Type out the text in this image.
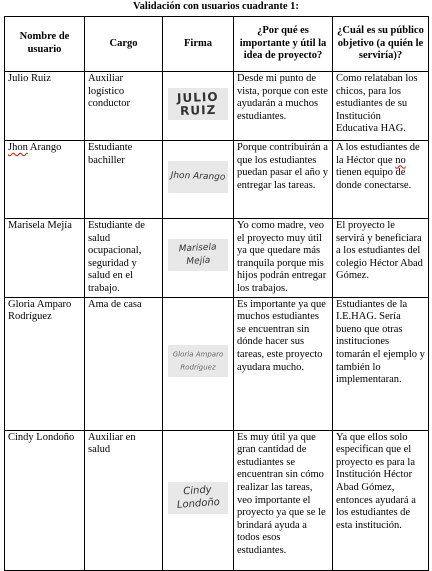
Validación con usuarios cuadrante 1:
Nombre de usuario	Cargo	Firma	¿Por qué es importante y útil la idea de proyecto?	¿Cuál es su público objetivo (a quién le serviría)?
Julio Ruiz	Auxiliar logístico conductor	JULIO RUIZ	Desde mi punto de vista, porque con este ayudarán a muchos estudiantes.	Como relataban los chicos, para los estudiantes de su Institución Educativa HAG.
Jhon Arango	Estudiante bachiller	Jhon Arango	Porque contribuirán a que los estudiantes puedan pasar el año y entregar las tareas.	A los estudiantes de la Héctor que no tienen equipo de donde conectarse.
Marisela Mejía	Estudiante de salud ocupacional, seguridad y salud en el trabajo.	Marisela Mejía	Yo como madre, veo el proyecto muy útil ya que quedare más tranquila porque mis hijos podrán entregar los trabajos.	El proyecto le servirá y beneficiara a los estudiantes del colegio Héctor Abad Gómez.
Gloria Amparo Rodríguez	Ama de casa	Gloria Amparo Rodríguez	Es importante ya que muchos estudiantes se encuentran sin dónde hacer sus tareas, este proyecto ayudara mucho.	Estudiantes de la I.E.HAG. Sería bueno que otras instituciones tomarán el ejemplo y también lo implementaran.
Cindy Londoño	Auxiliar en salud	Cindy Londoño	Es muy útil ya que gran cantidad de estudiantes se encuentran sin cómo realizar las tareas, veo importante el proyecto ya que se le brindará ayuda a todos esos estudiantes.	Ya que ellos solo especifican que el proyecto es para la Institución Héctor Abad Gómez, entonces ayudará a los estudiantes de esta institución.
